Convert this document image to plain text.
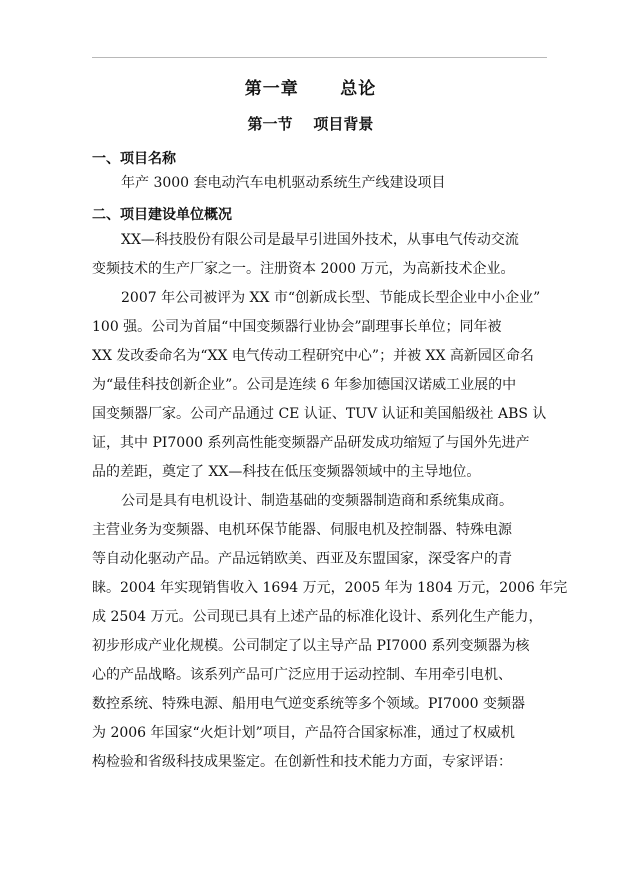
第一章      总论
第一节    项目背景
一、项目名称
年产 3000 套电动汽车电机驱动系统生产线建设项目
二、项目建设单位概况
XX—科技股份有限公司是最早引进国外技术，从事电气传动交流
变频技术的生产厂家之一。注册资本 2000 万元，为高新技术企业。
2007 年公司被评为 XX 市“创新成长型、节能成长型企业中小企业”
100 强。公司为首届“中国变频器行业协会”副理事长单位；同年被
XX 发改委命名为“XX 电气传动工程研究中心”；并被 XX 高新园区命名
为“最佳科技创新企业”。公司是连续 6 年参加德国汉诺威工业展的中
国变频器厂家。公司产品通过 CE 认证、TUV 认证和美国船级社 ABS 认
证，其中 PI7000 系列高性能变频器产品研发成功缩短了与国外先进产
品的差距，奠定了 XX—科技在低压变频器领域中的主导地位。
公司是具有电机设计、制造基础的变频器制造商和系统集成商。
主营业务为变频器、电机环保节能器、伺服电机及控制器、特殊电源
等自动化驱动产品。产品远销欧美、西亚及东盟国家，深受客户的青
睐。2004 年实现销售收入 1694 万元，2005 年为 1804 万元，2006 年完
成 2504 万元。公司现已具有上述产品的标准化设计、系列化生产能力，
初步形成产业化规模。公司制定了以主导产品 PI7000 系列变频器为核
心的产品战略。该系列产品可广泛应用于运动控制、车用牵引电机、
数控系统、特殊电源、船用电气逆变系统等多个领域。PI7000 变频器
为 2006 年国家“火炬计划”项目，产品符合国家标准，通过了权威机
构检验和省级科技成果鉴定。在创新性和技术能力方面，专家评语：
